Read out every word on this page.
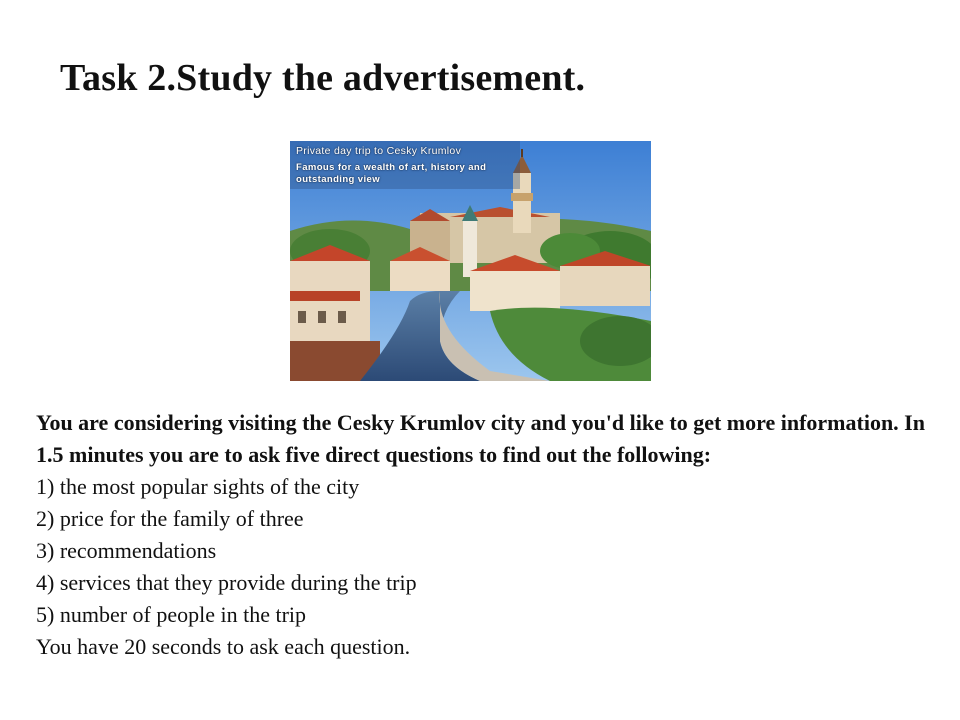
Task 2.Study the advertisement.
Private day trip to Cesky Krumlov
Famous for a wealth of art, history and outstanding view

You are considering visiting the Cesky Krumlov city and you'd like to get more information. In 1.5 minutes you are to ask five direct questions to find out the following:

1) the most popular sights of the city
2) price for the family of three
3) recommendations
4) services that they provide during the trip
5) number of people in the trip

You have 20 seconds to ask each question.
